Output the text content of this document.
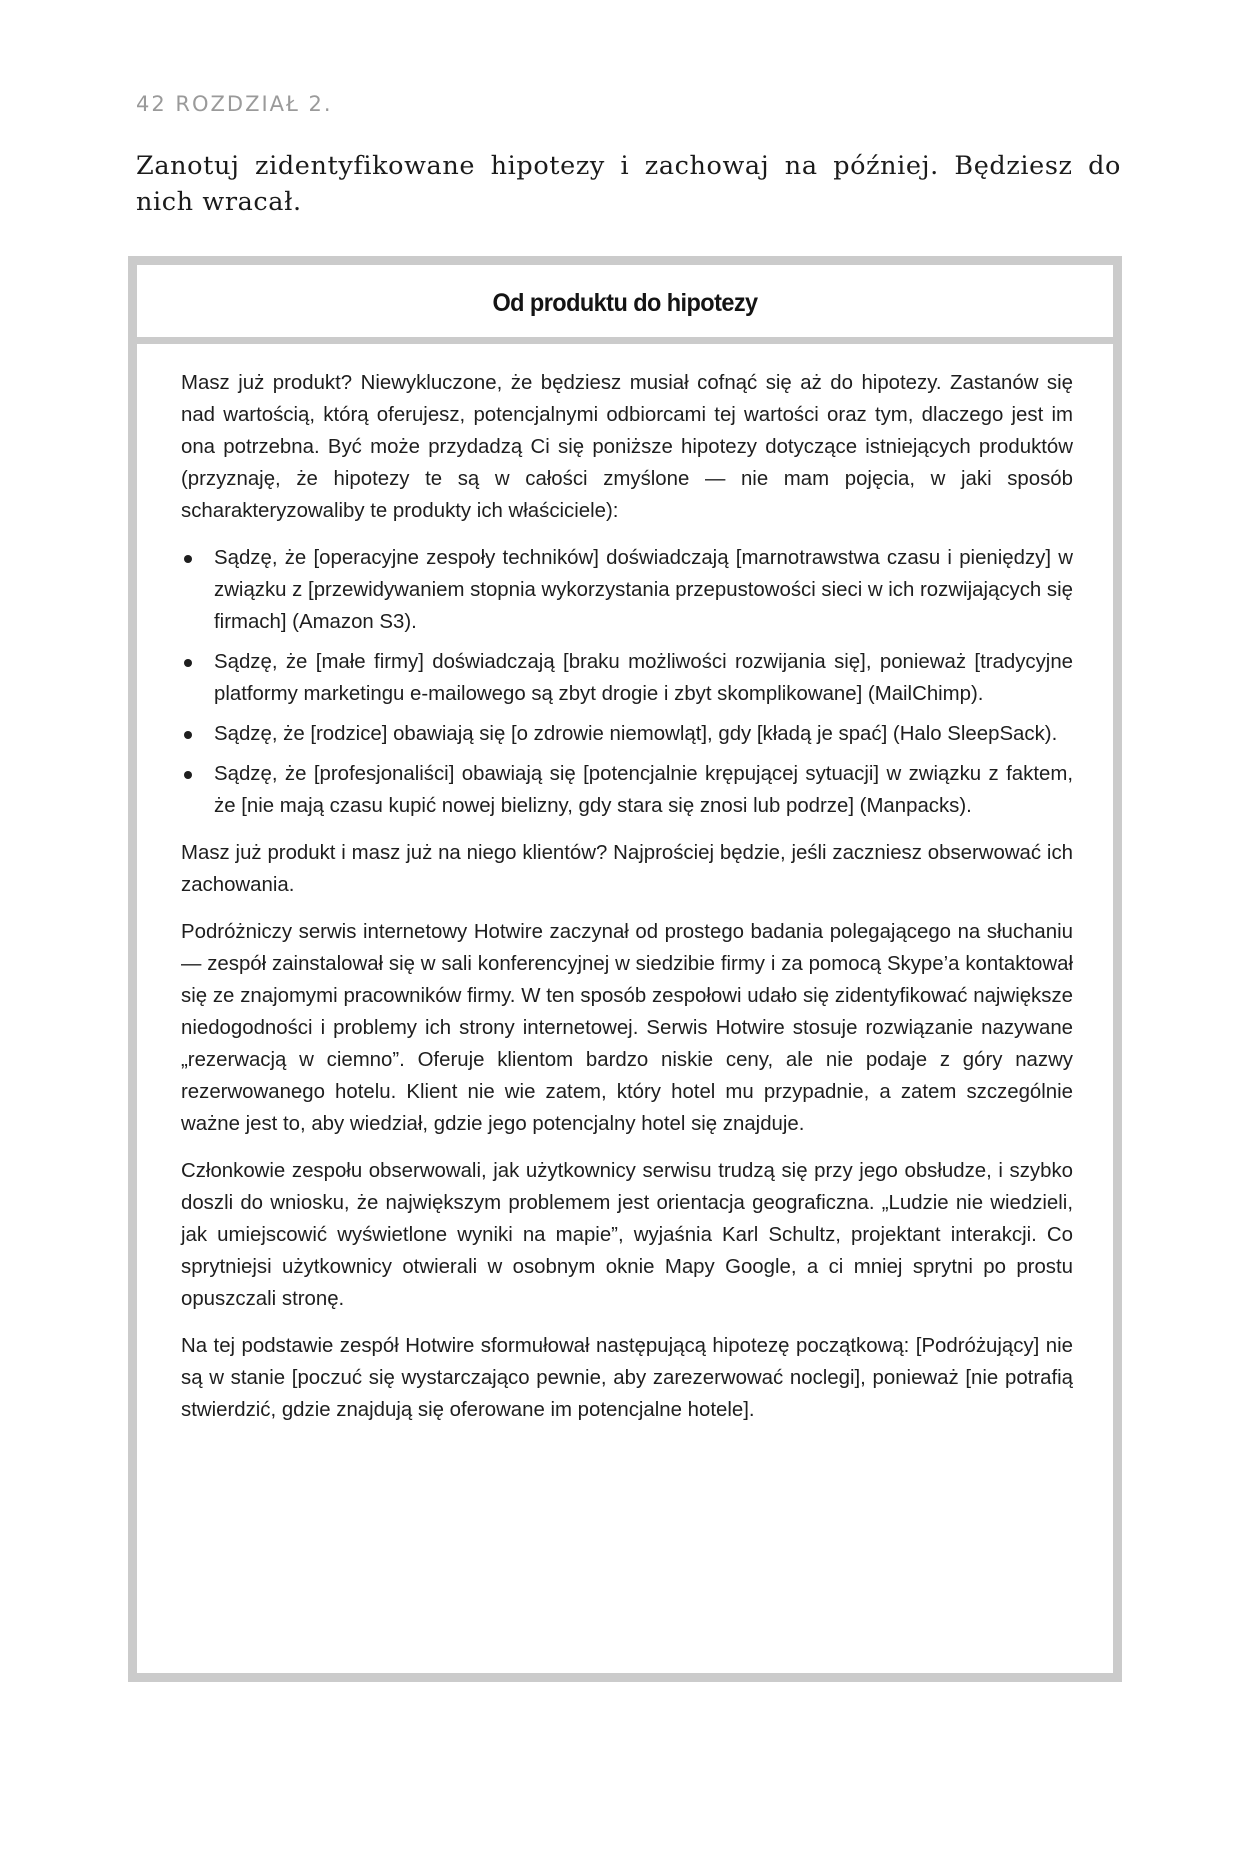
42 ROZDZIAŁ 2.
Zanotuj zidentyfikowane hipotezy i zachowaj na później. Będziesz do nich wracał.
Od produktu do hipotezy

Masz już produkt? Niewykluczone, że będziesz musiał cofnąć się aż do hipotezy. Zastanów się nad wartością, którą oferujesz, potencjalnymi odbiorcami tej wartości oraz tym, dlaczego jest im ona potrzebna. Być może przydadzą Ci się poniższe hipotezy dotyczące istniejących produktów (przyznaję, że hipotezy te są w całości zmyślone — nie mam pojęcia, w jaki sposób scharakteryzowaliby te produkty ich właściciele):

Sądzę, że [operacyjne zespoły techników] doświadczają [marnotrawstwa czasu i pieniędzy] w związku z [przewidywaniem stopnia wykorzystania przepustowości sieci w ich rozwijających się firmach] (Amazon S3).
Sądzę, że [małe firmy] doświadczają [braku możliwości rozwijania się], ponieważ [tradycyjne platformy marketingu e-mailowego są zbyt drogie i zbyt skomplikowane] (MailChimp).
Sądzę, że [rodzice] obawiają się [o zdrowie niemowląt], gdy [kładą je spać] (Halo SleepSack).
Sądzę, że [profesjonaliści] obawiają się [potencjalnie krępującej sytuacji] w związku z faktem, że [nie mają czasu kupić nowej bielizny, gdy stara się znosi lub podrze] (Manpacks).

Masz już produkt i masz już na niego klientów? Najprościej będzie, jeśli zaczniesz obserwować ich zachowania.

Podróżniczy serwis internetowy Hotwire zaczynał od prostego badania polegającego na słuchaniu — zespół zainstalował się w sali konferencyjnej w siedzibie firmy i za pomocą Skype’a kontaktował się ze znajomymi pracowników firmy. W ten sposób zespołowi udało się zidentyfikować największe niedogodności i problemy ich strony internetowej. Serwis Hotwire stosuje rozwiązanie nazywane „rezerwacją w ciemno”. Oferuje klientom bardzo niskie ceny, ale nie podaje z góry nazwy rezerwowanego hotelu. Klient nie wie zatem, który hotel mu przypadnie, a zatem szczególnie ważne jest to, aby wiedział, gdzie jego potencjalny hotel się znajduje.

Członkowie zespołu obserwowali, jak użytkownicy serwisu trudzą się przy jego obsłudze, i szybko doszli do wniosku, że największym problemem jest orientacja geograficzna. „Ludzie nie wiedzieli, jak umiejscowić wyświetlone wyniki na mapie”, wyjaśnia Karl Schultz, projektant interakcji. Co sprytniejsi użytkownicy otwierali w osobnym oknie Mapy Google, a ci mniej sprytni po prostu opuszczali stronę.

Na tej podstawie zespół Hotwire sformułował następującą hipotezę początkową: [Podróżujący] nie są w stanie [poczuć się wystarczająco pewnie, aby zarezerwować noclegi], ponieważ [nie potrafią stwierdzić, gdzie znajdują się oferowane im potencjalne hotele].
